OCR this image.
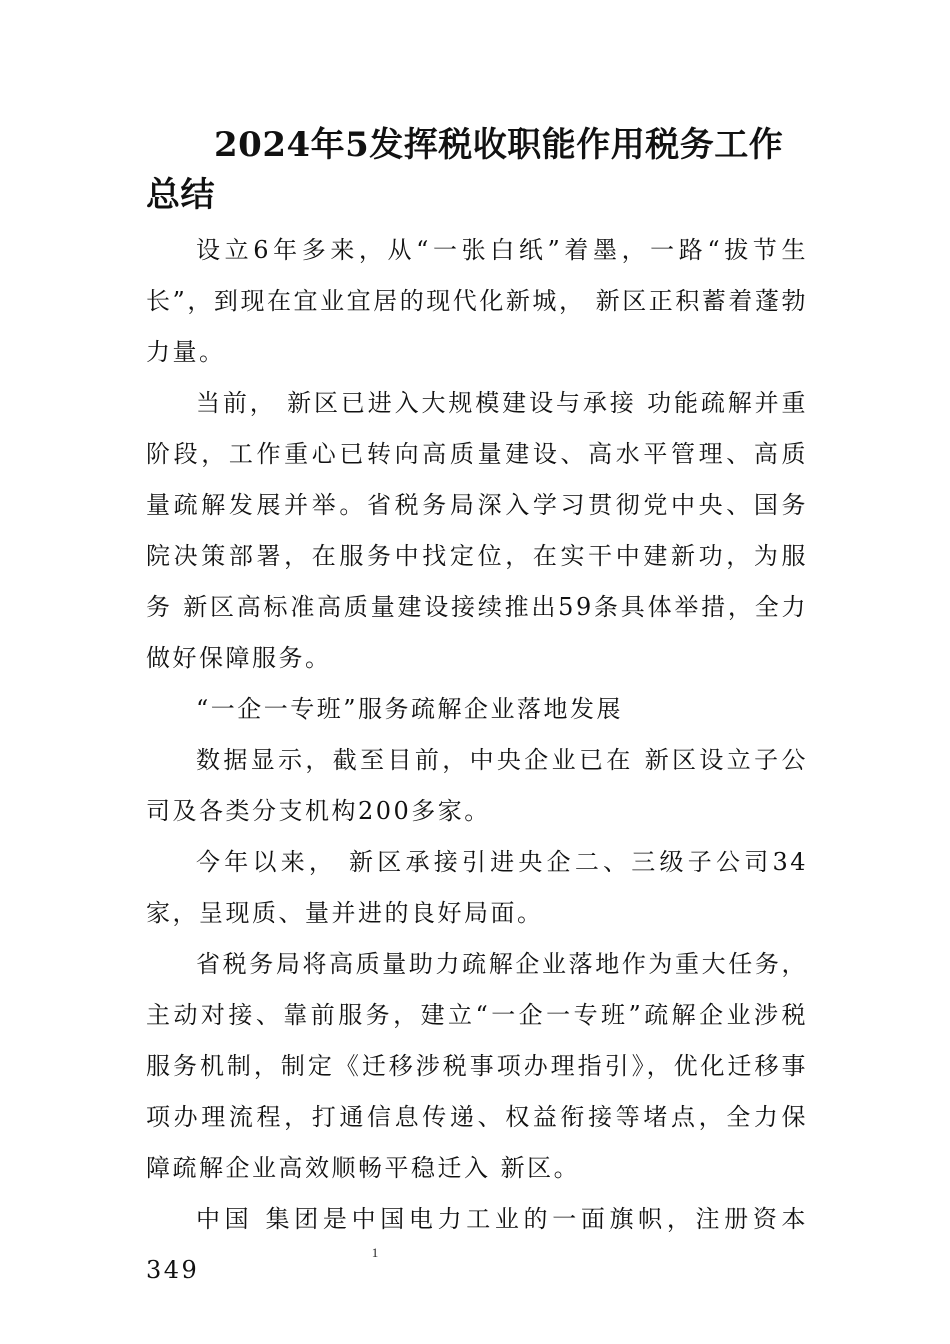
2024年5发挥税收职能作用税务工作总结

设立6年多来，从“一张白纸”着墨，一路“拔节生长”，到现在宜业宜居的现代化新城， 新区正积蓄着蓬勃力量。

当前， 新区已进入大规模建设与承接 功能疏解并重阶段，工作重心已转向高质量建设、高水平管理、高质量疏解发展并举。省税务局深入学习贯彻党中央、国务院决策部署，在服务中找定位，在实干中建新功，为服务 新区高标准高质量建设接续推出59条具体举措，全力做好保障服务。

“一企一专班”服务疏解企业落地发展

数据显示，截至目前，中央企业已在 新区设立子公司及各类分支机构200多家。

今年以来， 新区承接引进央企二、三级子公司34家，呈现质、量并进的良好局面。

省税务局将高质量助力疏解企业落地作为重大任务，主动对接、靠前服务，建立“一企一专班”疏解企业涉税服务机制，制定《迁移涉税事项办理指引》，优化迁移事项办理流程，打通信息传递、权益衔接等堵点，全力保障疏解企业高效顺畅平稳迁入 新区。

中国 集团是中国电力工业的一面旗帜，注册资本349

1
